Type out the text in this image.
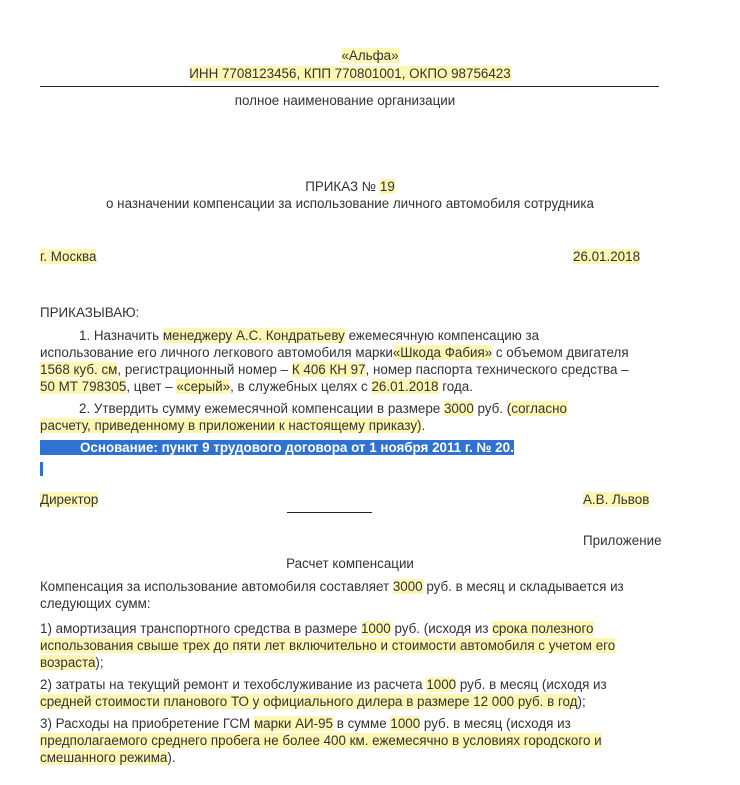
«Альфа»
ИНН 7708123456, КПП 770801001, ОКПО 98756423
полное наименование организации
ПРИКАЗ № 19
о назначении компенсации за использование личного автомобиля сотрудника
г. Москва	26.01.2018
ПРИКАЗЫВАЮ:
1. Назначить менеджеру А.С. Кондратьеву ежемесячную компенсацию за
использование его личного легкового автомобиля марки«Шкода Фабия» с объемом двигателя
1568 куб. см, регистрационный номер – К 406 КН 97, номер паспорта технического средства –
50 МТ 798305, цвет – «серый», в служебных целях с 26.01.2018 года.
2. Утвердить сумму ежемесячной компенсации в размере 3000 руб. (согласно
расчету, приведенному в приложении к настоящему приказу).
Основание: пункт 9 трудового договора от 1 ноября 2011 г. № 20.
Директор	А.В. Львов
Приложение
Расчет компенсации
Компенсация за использование автомобиля составляет 3000 руб. в месяц и складывается из
следующих сумм:
1) амортизация транспортного средства в размере 1000 руб. (исходя из срока полезного
использования свыше трех до пяти лет включительно и стоимости автомобиля с учетом его
возраста);
2) затраты на текущий ремонт и техобслуживание из расчета 1000 руб. в месяц (исходя из
средней стоимости планового ТО у официального дилера в размере 12 000 руб. в год);
3) Расходы на приобретение ГСМ марки АИ-95 в сумме 1000 руб. в месяц (исходя из
предполагаемого среднего пробега не более 400 км. ежемесячно в условиях городского и
смешанного режима).
